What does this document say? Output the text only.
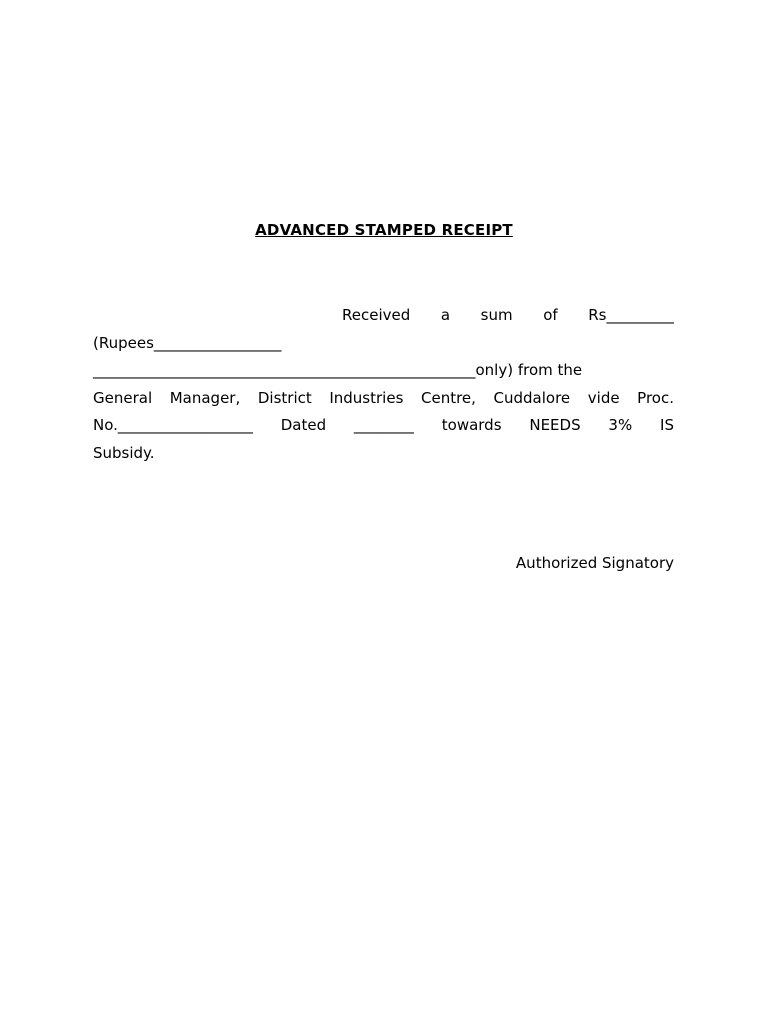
ADVANCED STAMPED RECEIPT
Received a sum of Rs_________
(Rupees_________________
___________________________________________________only) from the
General Manager, District Industries Centre, Cuddalore vide Proc.
No.__________________ Dated ________ towards NEEDS 3% IS
Subsidy.
Authorized Signatory
